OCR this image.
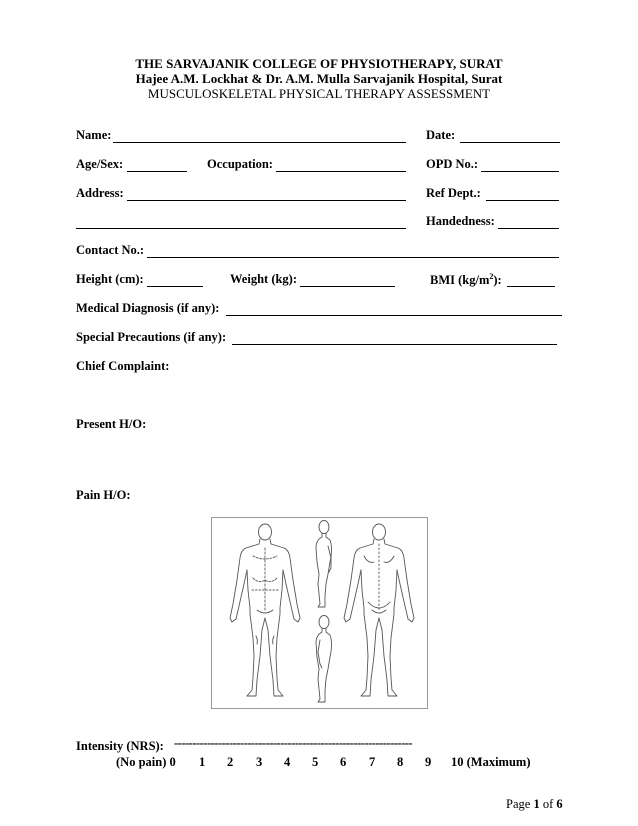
THE SARVAJANIK COLLEGE OF PHYSIOTHERAPY, SURAT
Hajee A.M. Lockhat & Dr. A.M. Mulla Sarvajanik Hospital, Surat
MUSCULOSKELETAL PHYSICAL THERAPY ASSESSMENT
Name:	Date:
Age/Sex:	Occupation:	OPD No.:
Address:	Ref Dept.:
Handedness:
Contact No.:
Height (cm):	Weight (kg):	BMI $(kg/m^2)$:
Medical Diagnosis (if any):
Special Precautions (if any):
Chief Complaint:
Present H/O:
Pain H/O:
Intensity (NRS): -----------------------------------------------------------------
(No pain) 0 1 2 3 4 5 6 7 8 9 10 (Maximum)
Page 1 of 6
